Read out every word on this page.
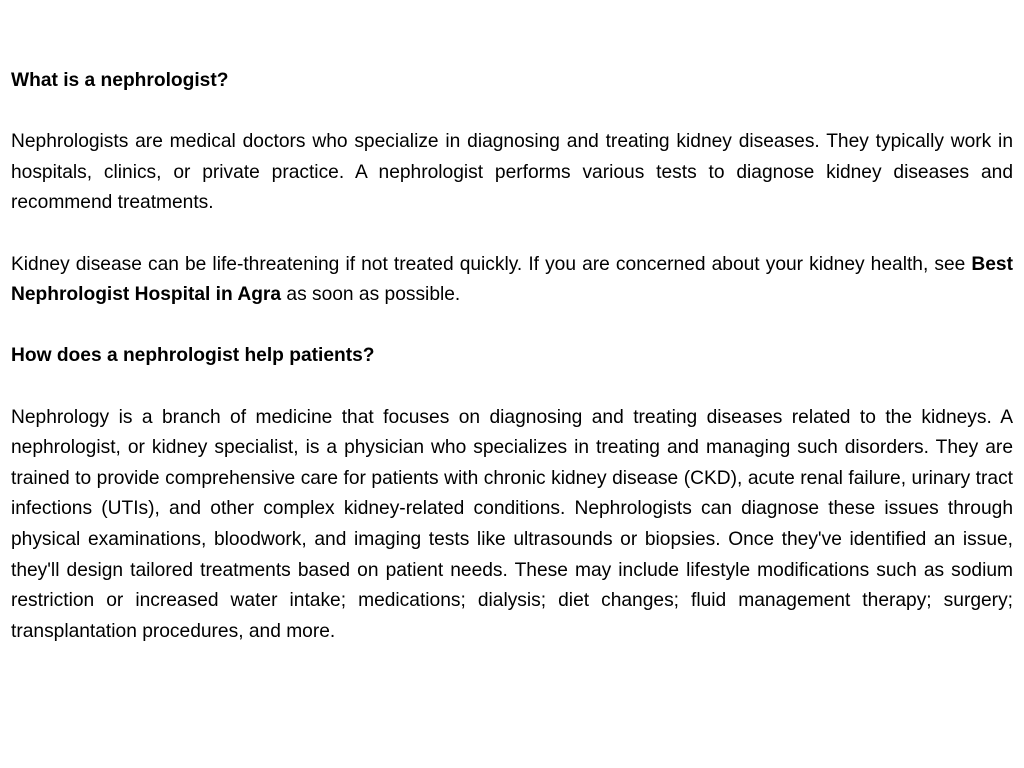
What is a nephrologist?

Nephrologists are medical doctors who specialize in diagnosing and treating kidney diseases. They typically work in hospitals, clinics, or private practice. A nephrologist performs various tests to diagnose kidney diseases and recommend treatments.

Kidney disease can be life-threatening if not treated quickly. If you are concerned about your kidney health, see Best Nephrologist Hospital in Agra as soon as possible.

How does a nephrologist help patients?

Nephrology is a branch of medicine that focuses on diagnosing and treating diseases related to the kidneys. A nephrologist, or kidney specialist, is a physician who specializes in treating and managing such disorders. They are trained to provide comprehensive care for patients with chronic kidney disease (CKD), acute renal failure, urinary tract infections (UTIs), and other complex kidney-related conditions. Nephrologists can diagnose these issues through physical examinations, bloodwork, and imaging tests like ultrasounds or biopsies. Once they've identified an issue, they'll design tailored treatments based on patient needs. These may include lifestyle modifications such as sodium restriction or increased water intake; medications; dialysis; diet changes; fluid management therapy; surgery; transplantation procedures, and more.
